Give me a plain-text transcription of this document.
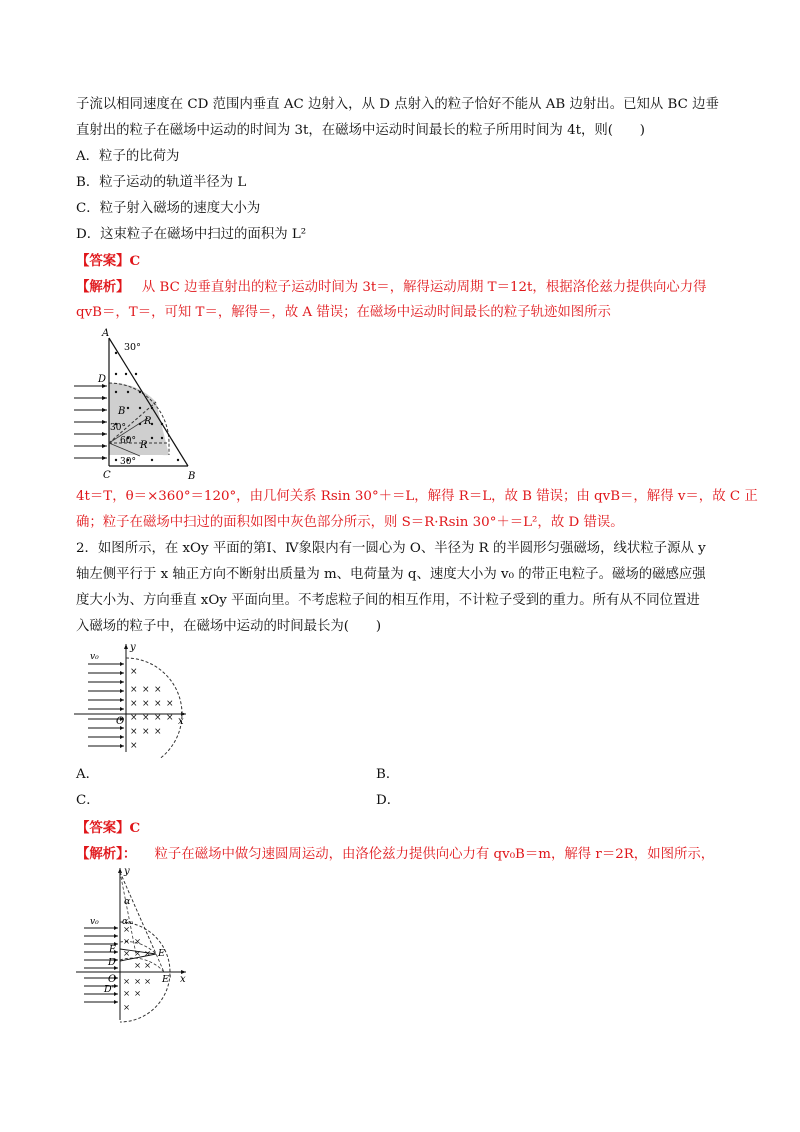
子流以相同速度在 CD 范围内垂直 AC 边射入，从 D 点射入的粒子恰好不能从 AB 边射出。已知从 BC 边垂
直射出的粒子在磁场中运动的时间为 3t，在磁场中运动时间最长的粒子所用时间为 4t，则(　　)
A．粒子的比荷为
B．粒子运动的轨道半径为 L
C．粒子射入磁场的速度大小为
D．这束粒子在磁场中扫过的面积为 L²
【答案】C
【解析】 从 BC 边垂直射出的粒子运动时间为 3t＝，解得运动周期 T＝12t，根据洛伦兹力提供向心力得
qvB＝，T＝，可知 T＝，解得＝，故 A 错误；在磁场中运动时间最长的粒子轨迹如图所示
A
B
C
D
B
R
R
30°
60°
30°
30°
4t＝T，θ＝×360°＝120°，由几何关系 Rsin 30°＋＝L，解得 R＝L，故 B 错误；由 qvB＝，解得 v＝，故 C 正
确；粒子在磁场中扫过的面积如图中灰色部分所示，则 S＝R·Rsin 30°＋＝L²，故 D 错误。
2．如图所示，在 xOy 平面的第Ⅰ、Ⅳ象限内有一圆心为 O、半径为 R 的半圆形匀强磁场，线状粒子源从 y
轴左侧平行于 x 轴正方向不断射出质量为 m、电荷量为 q、速度大小为 v₀ 的带正电粒子。磁场的磁感应强
度大小为、方向垂直 xOy 平面向里。不考虑粒子间的相互作用，不计粒子受到的重力。所有从不同位置进
入磁场的粒子中，在磁场中运动的时间最长为(　　)
×
× × ×
× × × ×
× × × ×
× × ×
×
y
x
O
v₀
A．	B．
C．	D．
【答案】C
【解析】： 粒子在磁场中做匀速圆周运动，由洛伦兹力提供向心力有 qv₀B＝m，解得 r＝2R，如图所示，
×
× ×
× × ×
× ×
× × ×
× ×
×
y
x
O
v₀
F
D
D'
E
E'
α
αₘ
